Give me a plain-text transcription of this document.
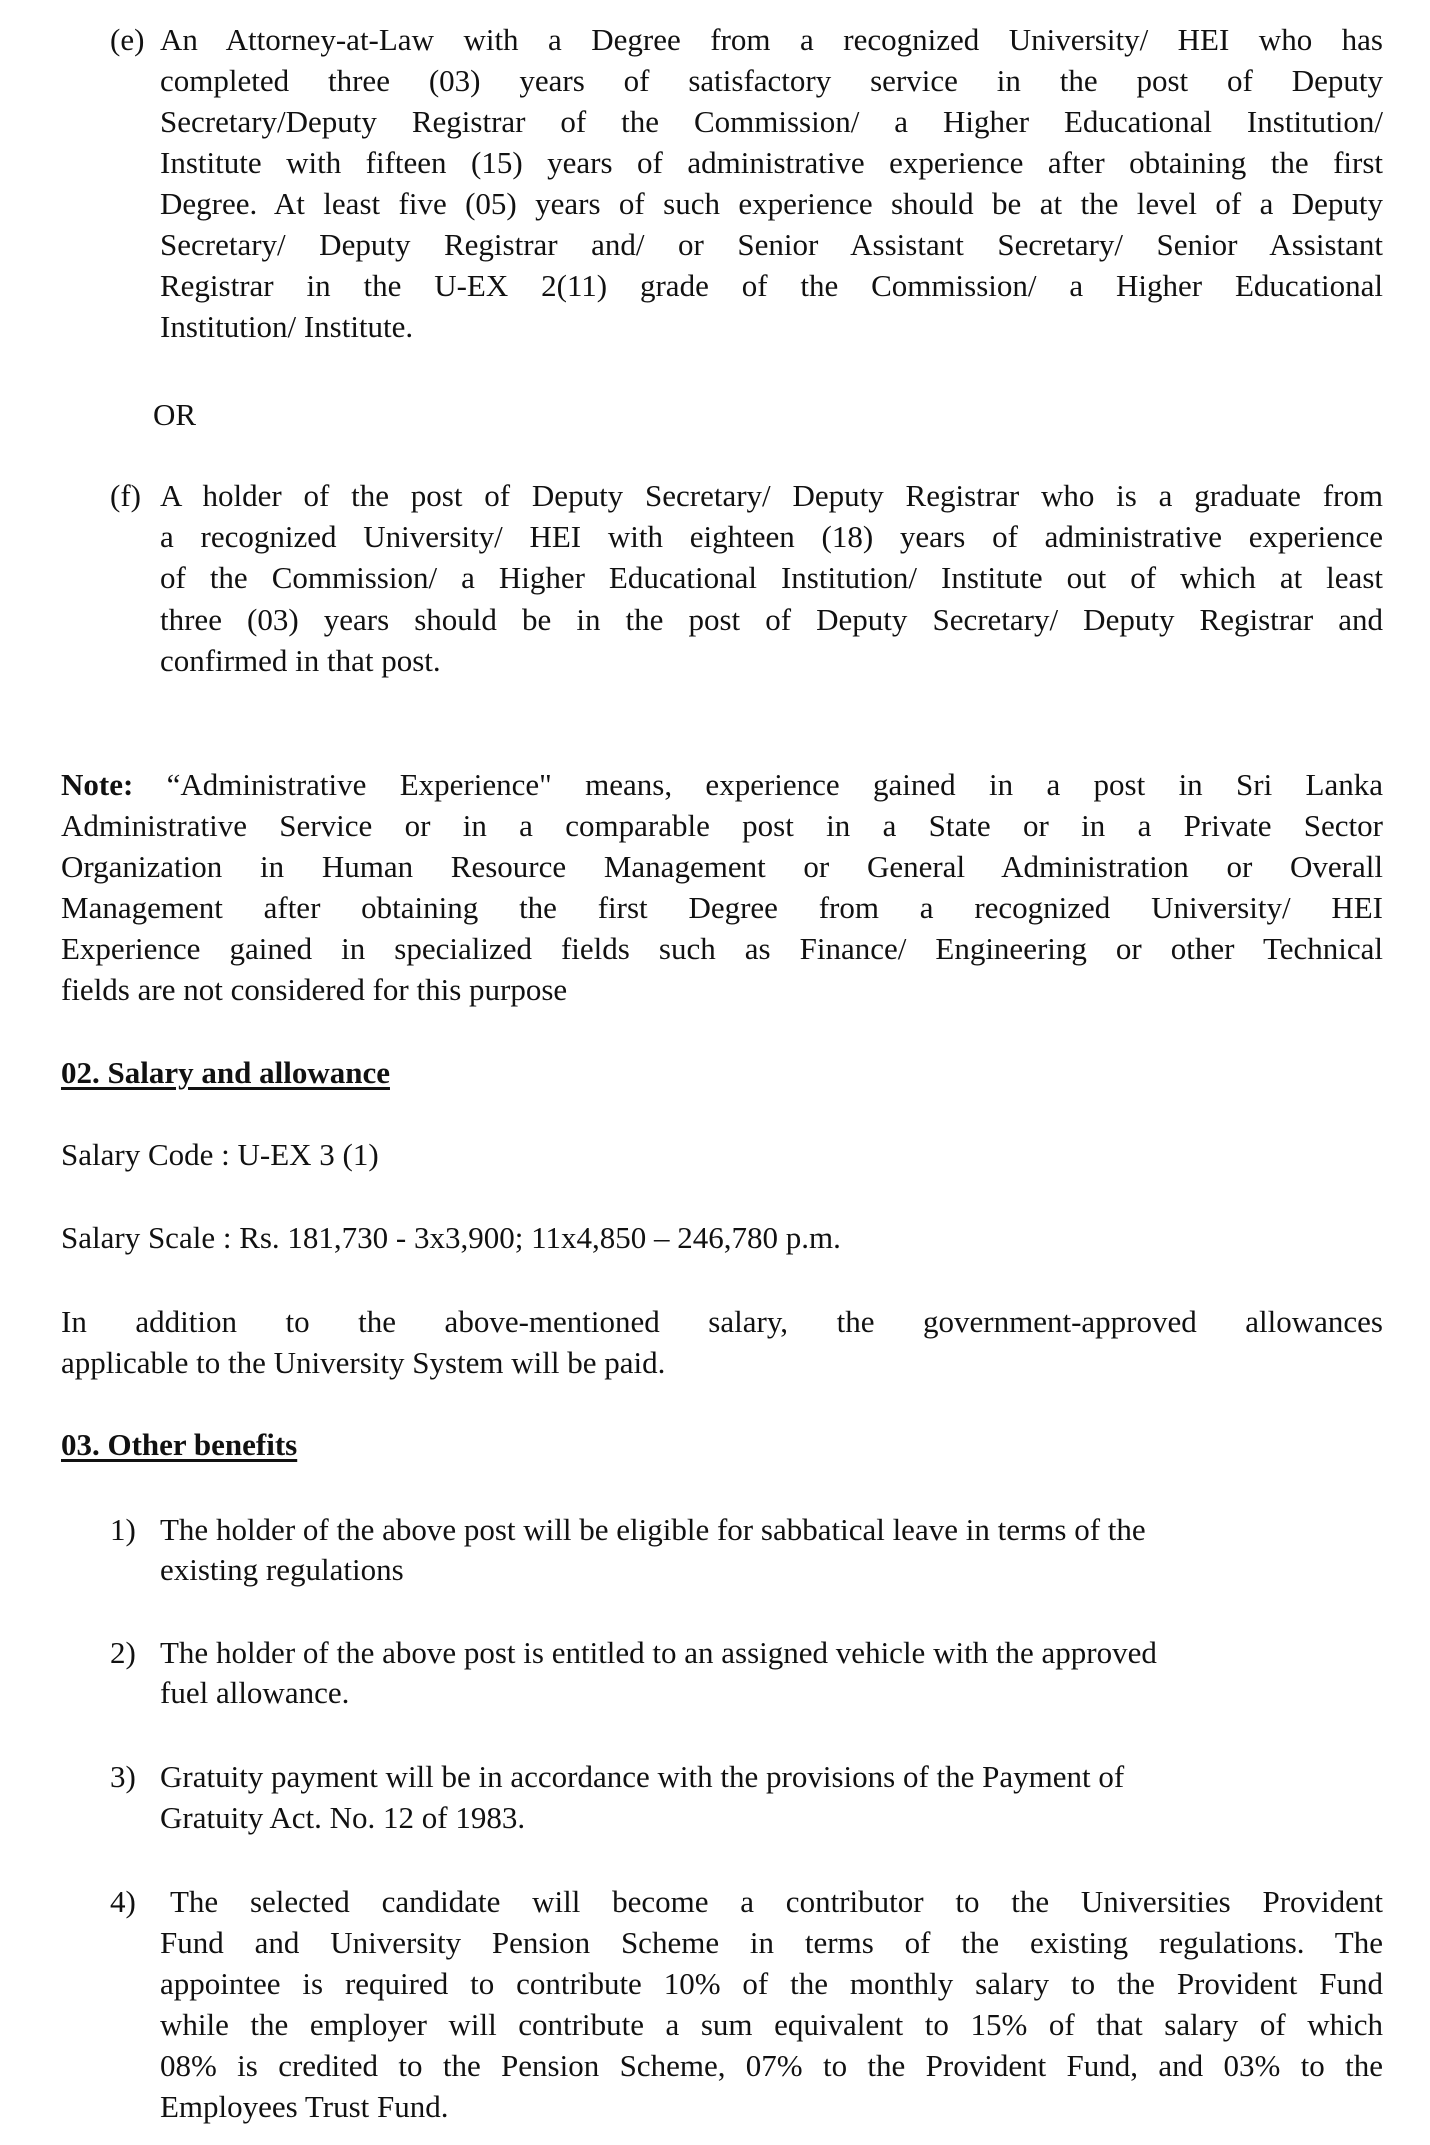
(e) An Attorney-at-Law with a Degree from a recognized University/ HEI who has
completed three (03) years of satisfactory service in the post of Deputy
Secretary/Deputy Registrar of the Commission/ a Higher Educational Institution/
Institute with fifteen (15) years of administrative experience after obtaining the first
Degree. At least five (05) years of such experience should be at the level of a Deputy
Secretary/ Deputy Registrar and/ or Senior Assistant Secretary/ Senior Assistant
Registrar in the U-EX 2(11) grade of the Commission/ a Higher Educational
Institution/ Institute.
OR
(f) A holder of the post of Deputy Secretary/ Deputy Registrar who is a graduate from
a recognized University/ HEI with eighteen (18) years of administrative experience
of the Commission/ a Higher Educational Institution/ Institute out of which at least
three (03) years should be in the post of Deputy Secretary/ Deputy Registrar and
confirmed in that post.
Note: “Administrative Experience" means, experience gained in a post in Sri Lanka
Administrative Service or in a comparable post in a State or in a Private Sector
Organization in Human Resource Management or General Administration or Overall
Management after obtaining the first Degree from a recognized University/ HEI
Experience gained in specialized fields such as Finance/ Engineering or other Technical
fields are not considered for this purpose
02. Salary and allowance
Salary Code : U-EX 3 (1)
Salary Scale : Rs. 181,730 - 3x3,900; 11x4,850 – 246,780 p.m.
In addition to the above-mentioned salary, the government-approved allowances
applicable to the University System will be paid.
03. Other benefits
1) The holder of the above post will be eligible for sabbatical leave in terms of the
existing regulations
2) The holder of the above post is entitled to an assigned vehicle with the approved
fuel allowance.
3) Gratuity payment will be in accordance with the provisions of the Payment of
Gratuity Act. No. 12 of 1983.
4) The selected candidate will become a contributor to the Universities Provident
Fund and University Pension Scheme in terms of the existing regulations. The
appointee is required to contribute 10% of the monthly salary to the Provident Fund
while the employer will contribute a sum equivalent to 15% of that salary of which
08% is credited to the Pension Scheme, 07% to the Provident Fund, and 03% to the
Employees Trust Fund.
